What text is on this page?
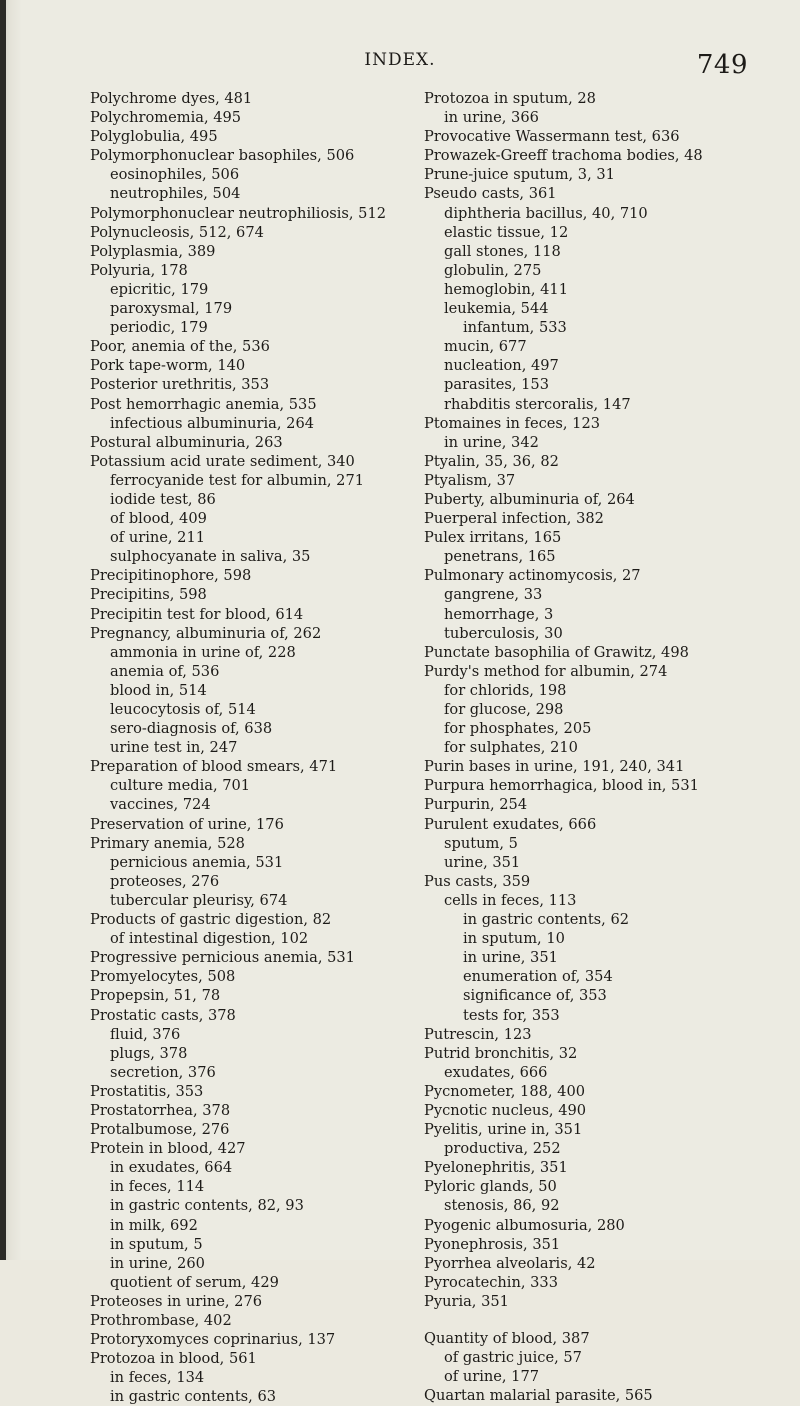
INDEX.	749
Polychrome dyes, 481
Polychromemia, 495
Polyglobulia, 495
Polymorphonuclear basophiles, 506
eosinophiles, 506
neutrophiles, 504
Polymorphonuclear neutrophiliosis, 512
Polynucleosis, 512, 674
Polyplasmia, 389
Polyuria, 178
epicritic, 179
paroxysmal, 179
periodic, 179
Poor, anemia of the, 536
Pork tape-worm, 140
Posterior urethritis, 353
Post hemorrhagic anemia, 535
infectious albuminuria, 264
Postural albuminuria, 263
Potassium acid urate sediment, 340
ferrocyanide test for albumin, 271
iodide test, 86
of blood, 409
of urine, 211
sulphocyanate in saliva, 35
Precipitinophore, 598
Precipitins, 598
Precipitin test for blood, 614
Pregnancy, albuminuria of, 262
ammonia in urine of, 228
anemia of, 536
blood in, 514
leucocytosis of, 514
sero-diagnosis of, 638
urine test in, 247
Preparation of blood smears, 471
culture media, 701
vaccines, 724
Preservation of urine, 176
Primary anemia, 528
pernicious anemia, 531
proteoses, 276
tubercular pleurisy, 674
Products of gastric digestion, 82
of intestinal digestion, 102
Progressive pernicious anemia, 531
Promyelocytes, 508
Propepsin, 51, 78
Prostatic casts, 378
fluid, 376
plugs, 378
secretion, 376
Prostatitis, 353
Prostatorrhea, 378
Protalbumose, 276
Protein in blood, 427
in exudates, 664
in feces, 114
in gastric contents, 82, 93
in milk, 692
in sputum, 5
in urine, 260
quotient of serum, 429
Proteoses in urine, 276
Prothrombase, 402
Protoryxomyces coprinarius, 137
Protozoa in blood, 561
in feces, 134
in gastric contents, 63
Protozoa in sputum, 28
in urine, 366
Provocative Wassermann test, 636
Prowazek-Greeff trachoma bodies, 48
Prune-juice sputum, 3, 31
Pseudo casts, 361
diphtheria bacillus, 40, 710
elastic tissue, 12
gall stones, 118
globulin, 275
hemoglobin, 411
leukemia, 544
infantum, 533
mucin, 677
nucleation, 497
parasites, 153
rhabditis stercoralis, 147
Ptomaines in feces, 123
in urine, 342
Ptyalin, 35, 36, 82
Ptyalism, 37
Puberty, albuminuria of, 264
Puerperal infection, 382
Pulex irritans, 165
penetrans, 165
Pulmonary actinomycosis, 27
gangrene, 33
hemorrhage, 3
tuberculosis, 30
Punctate basophilia of Grawitz, 498
Purdy's method for albumin, 274
for chlorids, 198
for glucose, 298
for phosphates, 205
for sulphates, 210
Purin bases in urine, 191, 240, 341
Purpura hemorrhagica, blood in, 531
Purpurin, 254
Purulent exudates, 666
sputum, 5
urine, 351
Pus casts, 359
cells in feces, 113
in gastric contents, 62
in sputum, 10
in urine, 351
enumeration of, 354
significance of, 353
tests for, 353
Putrescin, 123
Putrid bronchitis, 32
exudates, 666
Pycnometer, 188, 400
Pycnotic nucleus, 490
Pyelitis, urine in, 351
productiva, 252
Pyelonephritis, 351
Pyloric glands, 50
stenosis, 86, 92
Pyogenic albumosuria, 280
Pyonephrosis, 351
Pyorrhea alveolaris, 42
Pyrocatechin, 333
Pyuria, 351
Quantity of blood, 387
of gastric juice, 57
of urine, 177
Quartan malarial parasite, 565
